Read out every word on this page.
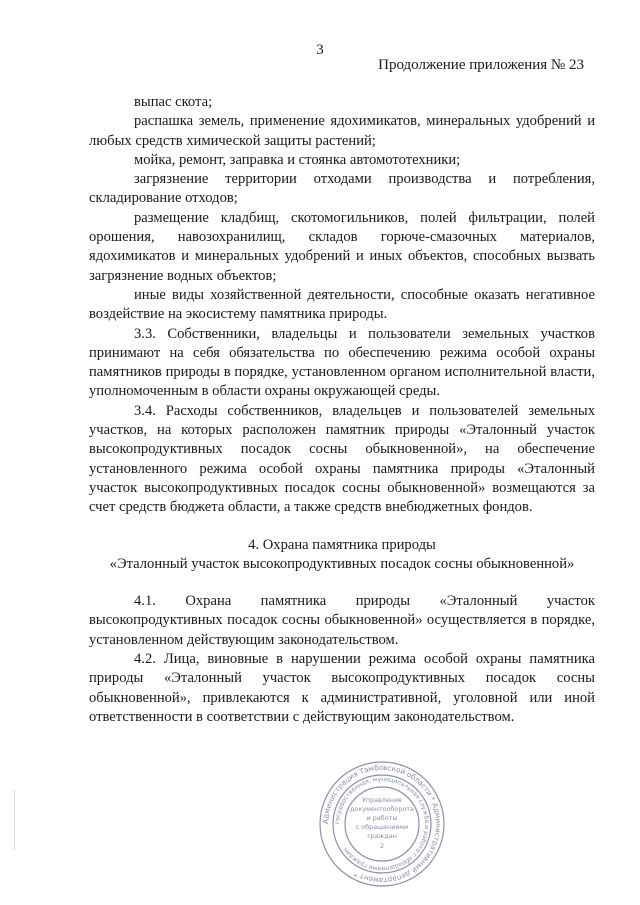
3
Продолжение приложения № 23

выпас скота;

распашка земель, применение ядохимикатов, минеральных удобрений и любых средств химической защиты растений;

мойка, ремонт, заправка и стоянка автомототехники;

загрязнение территории отходами производства и потребления, складирование отходов;

размещение кладбищ, скотомогильников, полей фильтрации, полей орошения, навозохранилищ, складов горюче-смазочных материалов, ядохимикатов и минеральных удобрений и иных объектов, способных вызвать загрязнение водных объектов;

иные виды хозяйственной деятельности, способные оказать негативное воздействие на экосистему памятника природы.

3.3. Собственники, владельцы и пользователи земельных участков принимают на себя обязательства по обеспечению режима особой охраны памятников природы в порядке, установленном органом исполнительной власти, уполномоченным в области охраны окружающей среды.

3.4. Расходы собственников, владельцев и пользователей земельных участков, на которых расположен памятник природы «Эталонный участок высокопродуктивных посадок сосны обыкновенной», на обеспечение установленного режима особой охраны памятника природы «Эталонный участок высокопродуктивных посадок сосны обыкновенной» возмещаются за счет средств бюджета области, а также средств внебюджетных фондов.

4. Охрана памятника природы

«Эталонный участок высокопродуктивных посадок сосны обыкновенной»

4.1. Охрана памятника природы «Эталонный участок высокопродуктивных посадок сосны обыкновенной» осуществляется в порядке, установленном действующим законодательством.

4.2. Лица, виновные в нарушении режима особой охраны памятника природы «Эталонный участок высокопродуктивных посадок сосны обыкновенной», привлекаются к административной, уголовной или иной ответственности в соответствии с действующим законодательством.

Администрация Тамбовской области * Административный департамент *
государственная, муниципальная служба и работа с обращениями граждан
Управление
документооборота
и работы
с обращениями
граждан
2
